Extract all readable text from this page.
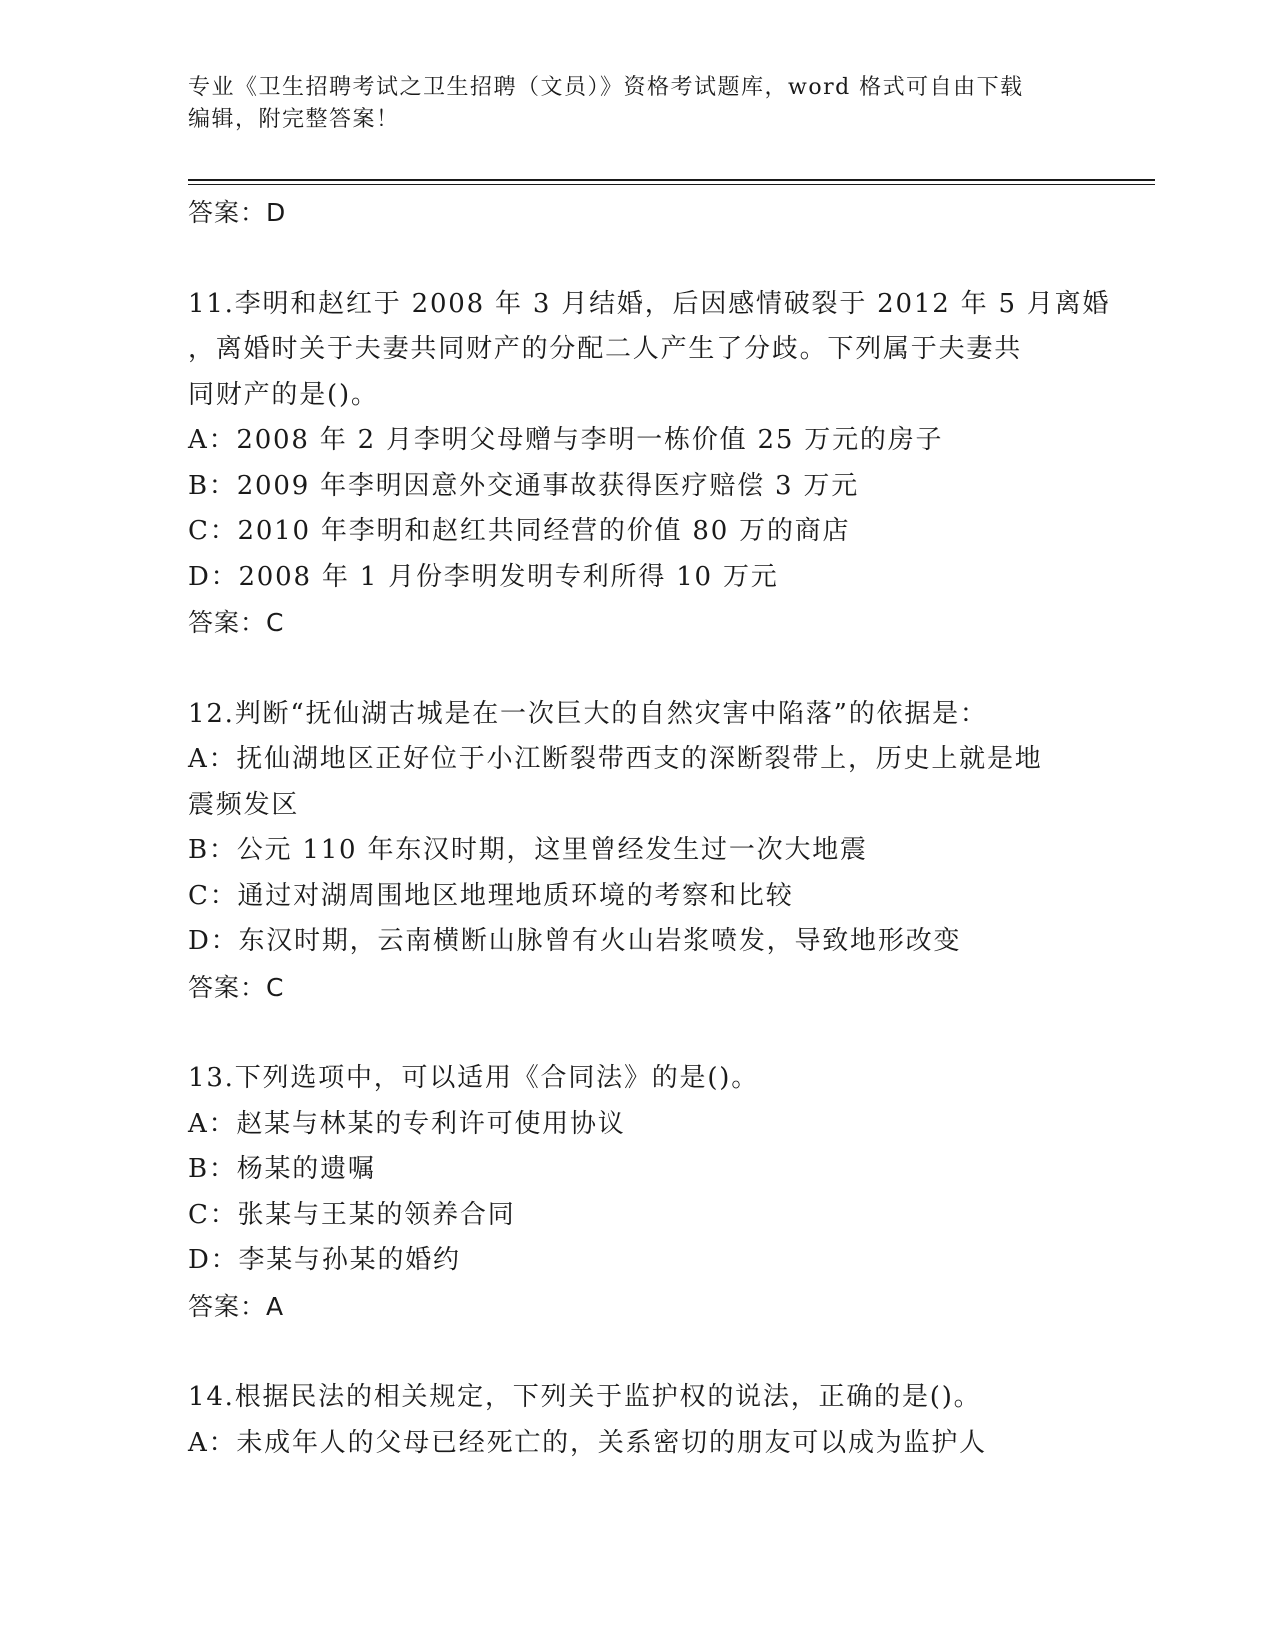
专业《卫生招聘考试之卫生招聘（文员）》资格考试题库，word 格式可自由下载
编辑，附完整答案！
答案：D
11.李明和赵红于 2008 年 3 月结婚，后因感情破裂于 2012 年 5 月离婚
，离婚时关于夫妻共同财产的分配二人产生了分歧。下列属于夫妻共
同财产的是()。
A：2008 年 2 月李明父母赠与李明一栋价值 25 万元的房子
B：2009 年李明因意外交通事故获得医疗赔偿 3 万元
C：2010 年李明和赵红共同经营的价值 80 万的商店
D：2008 年 1 月份李明发明专利所得 10 万元
答案：C
12.判断“抚仙湖古城是在一次巨大的自然灾害中陷落”的依据是：
A：抚仙湖地区正好位于小江断裂带西支的深断裂带上，历史上就是地
震频发区
B：公元 110 年东汉时期，这里曾经发生过一次大地震
C：通过对湖周围地区地理地质环境的考察和比较
D：东汉时期，云南横断山脉曾有火山岩浆喷发，导致地形改变
答案：C
13.下列选项中，可以适用《合同法》的是()。
A：赵某与林某的专利许可使用协议
B：杨某的遗嘱
C：张某与王某的领养合同
D：李某与孙某的婚约
答案：A
14.根据民法的相关规定，下列关于监护权的说法，正确的是()。
A：未成年人的父母已经死亡的，关系密切的朋友可以成为监护人
